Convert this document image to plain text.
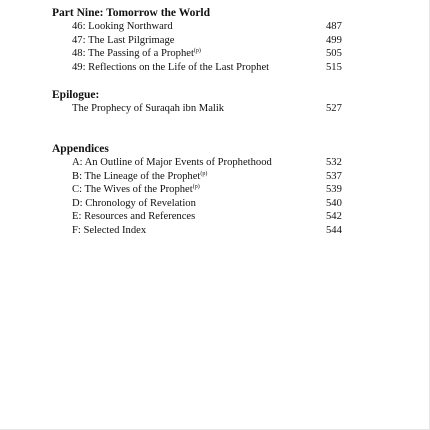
Part Nine: Tomorrow the World
46: Looking Northward	487
47: The Last Pilgrimage	499
48: The Passing of a Prophet$^{(p)}$	505
49: Reflections on the Life of the Last Prophet	515
Epilogue:
The Prophecy of Suraqah ibn Malik	527
Appendices
A: An Outline of Major Events of Prophethood	532
B: The Lineage of the Prophet$^{(p)}$	537
C: The Wives of the Prophet$^{(p)}$	539
D: Chronology of Revelation	540
E: Resources and References	542
F: Selected Index	544
